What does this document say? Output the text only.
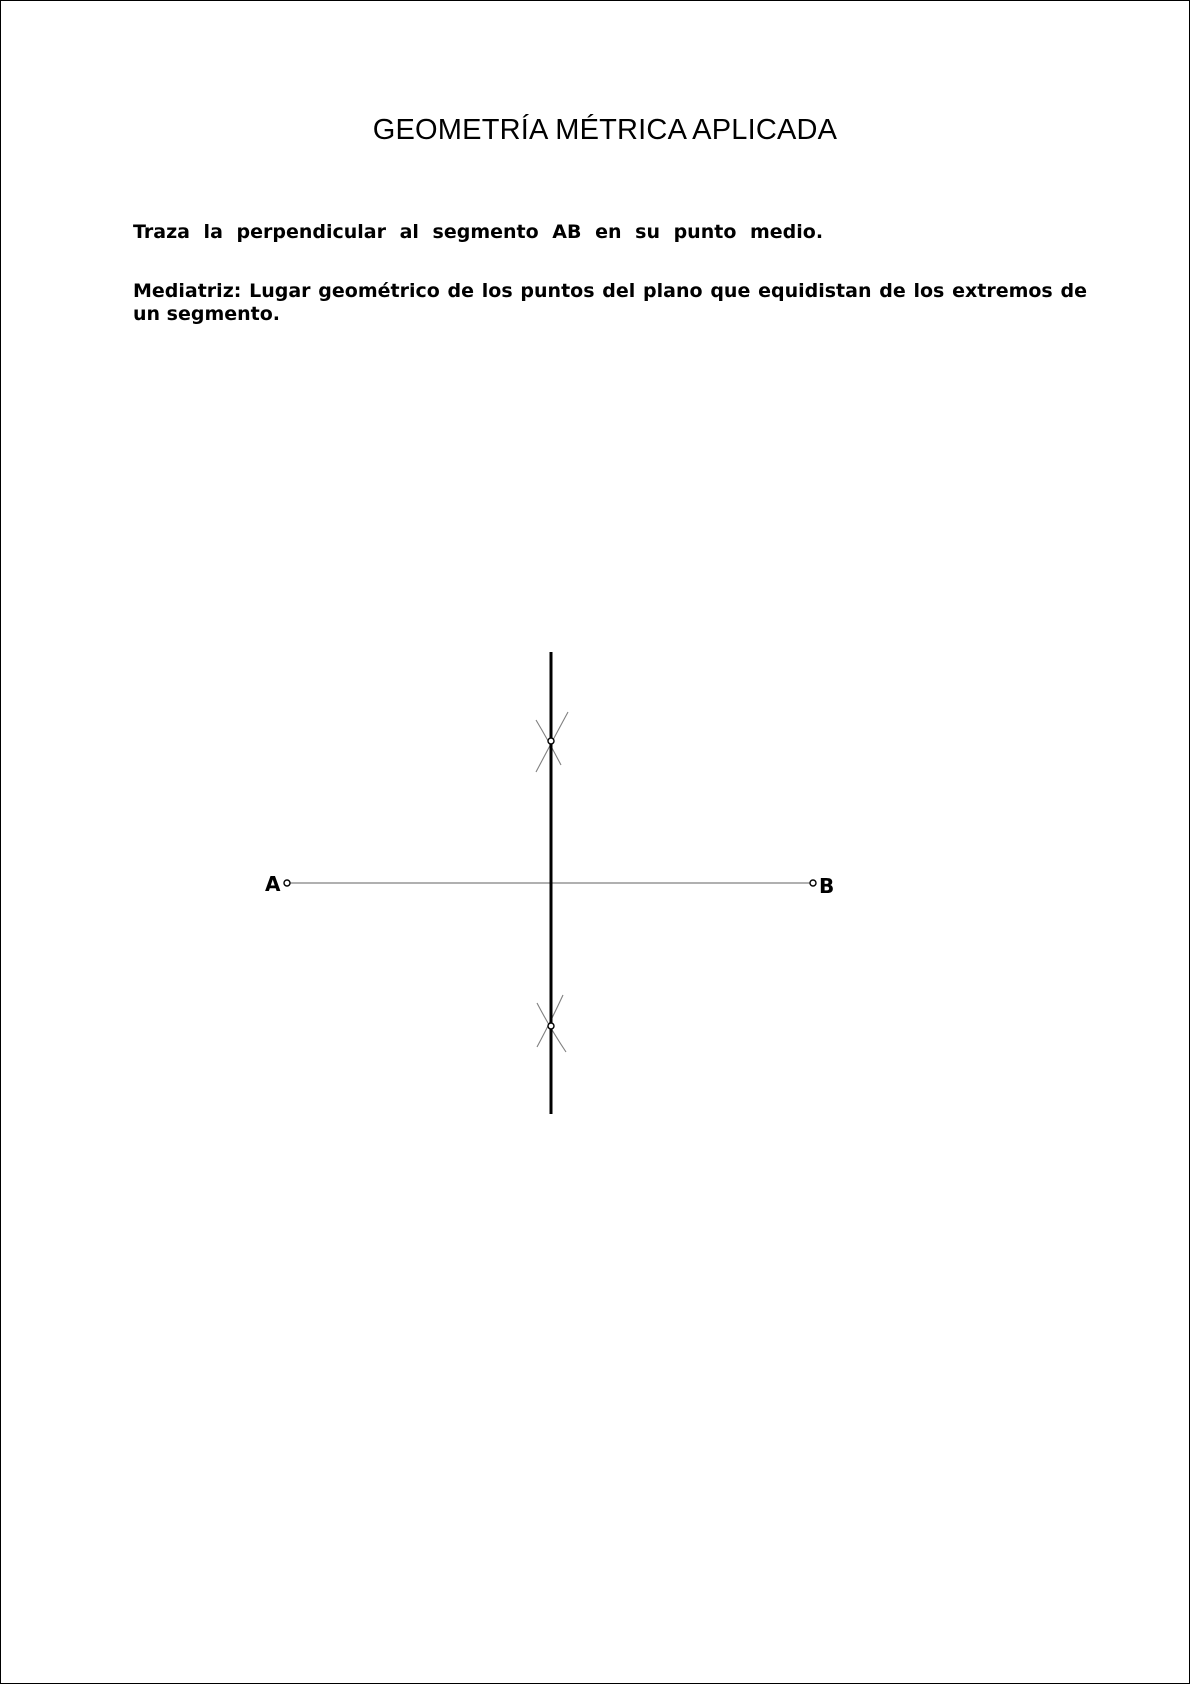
GEOMETRÍA MÉTRICA APLICADA
Traza la perpendicular al segmento AB en su punto medio.
Mediatriz: Lugar geométrico de los puntos del plano que equidistan de los extremos de un segmento.
A	B
